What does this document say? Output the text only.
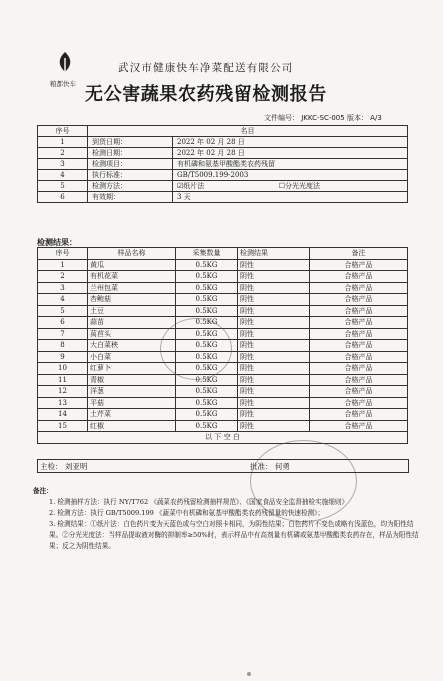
粮都快车
武汉市健康快车净菜配送有限公司
无公害蔬果农药残留检测报告
文件编号： JKKC-SC-005 版本： A/3
序号	名目	
1	到货日期：	2022 年 02 月 28 日
2	检测日期：	2022 年 02 月 28 日
3	检测项目：	有机磷和氨基甲酸酯类农药残留
4	执行标准：	GB/T5009.199-2003
5	检测方法：	☑纸片法 ☐分光光度法
6	有效期：	3 天
检测结果：
序号	样品名称	采集数量	检测结果	备注
1	黄瓜	0.5KG	阴性	合格产品
2	有机花菜	0.5KG	阴性	合格产品
3	兰州包菜	0.5KG	阴性	合格产品
4	杏鲍菇	0.5KG	阴性	合格产品
5	土豆	0.5KG	阴性	合格产品
6	蒜苗	0.5KG	阴性	合格产品
7	莴苣头	0.5KG	阴性	合格产品
8	大白菜秧	0.5KG	阴性	合格产品
9	小白菜	0.5KG	阴性	合格产品
10	红萝卜	0.5KG	阴性	合格产品
11	青椒	0.5KG	阴性	合格产品
12	洋葱	0.5KG	阴性	合格产品
13	平菇	0.5KG	阴性	合格产品
14	土芹菜	0.5KG	阴性	合格产品
15	红椒	0.5KG	阴性	合格产品
以 下 空 白				
主检： 刘亚明	批准： 何勇

备注：

1. 检测抽样方法：执行 NY/T762 《蔬菜农药残留检测抽样规范》、《国家食品安全监督抽检实施细则》

2. 检测方法：执行 GB/T5009.199 《蔬菜中有机磷和氨基甲酸酯类农药残留量的快速检测》；

3. 检测结果：①纸片法：白色药片变为天蓝色或与空白对照卡相同，为阴性结果；白色药片不变色或略有浅蓝色，均为阳性结果。②分光光度法：当样品提取液对酶的抑制率≥50%时，表示样品中有高剂量有机磷或氨基甲酸酯类农药存在，样品为阳性结果；反之为阴性结果。
